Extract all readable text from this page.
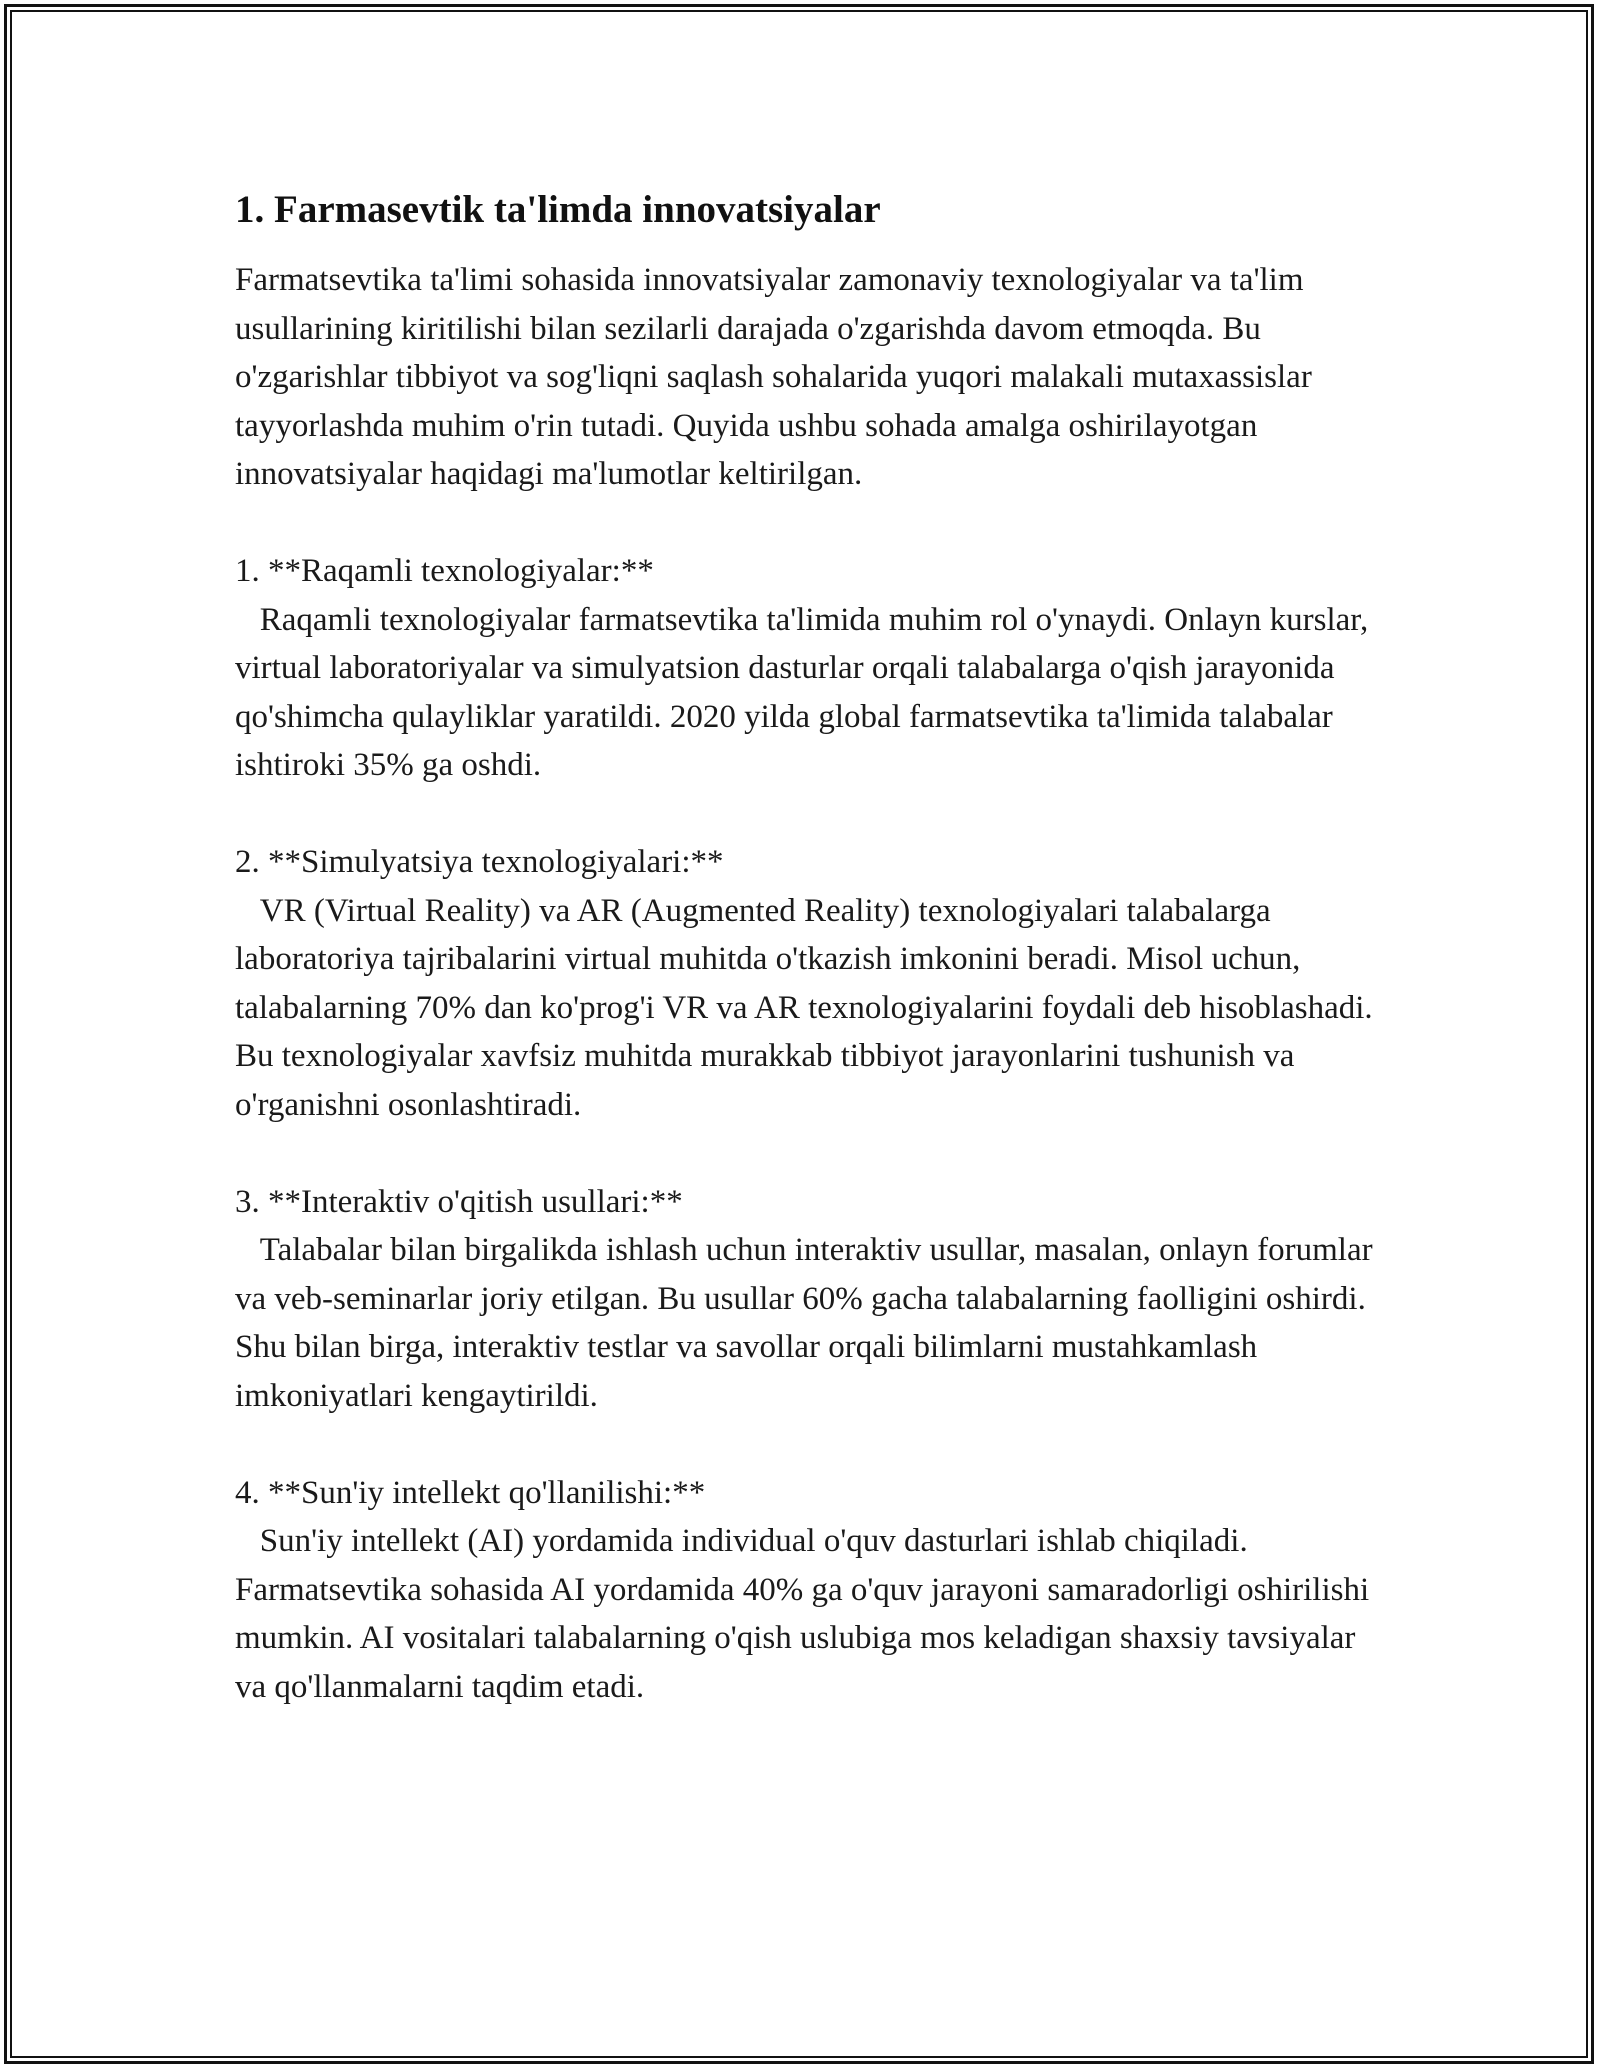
1. Farmasevtik ta'limda innovatsiyalar

Farmatsevtika ta'limi sohasida innovatsiyalar zamonaviy texnologiyalar va ta'lim usullarining kiritilishi bilan sezilarli darajada o'zgarishda davom etmoqda. Bu o'zgarishlar tibbiyot va sog'liqni saqlash sohalarida yuqori malakali mutaxassislar tayyorlashda muhim o'rin tutadi. Quyida ushbu sohada amalga oshirilayotgan innovatsiyalar haqidagi ma'lumotlar keltirilgan.

1. **Raqamli texnologiyalar:**

Raqamli texnologiyalar farmatsevtika ta'limida muhim rol o'ynaydi. Onlayn kurslar, virtual laboratoriyalar va simulyatsion dasturlar orqali talabalarga o'qish jarayonida qo'shimcha qulayliklar yaratildi. 2020 yilda global farmatsevtika ta'limida talabalar ishtiroki 35% ga oshdi.

2. **Simulyatsiya texnologiyalari:**

VR (Virtual Reality) va AR (Augmented Reality) texnologiyalari talabalarga laboratoriya tajribalarini virtual muhitda o'tkazish imkonini beradi. Misol uchun, talabalarning 70% dan ko'prog'i VR va AR texnologiyalarini foydali deb hisoblashadi. Bu texnologiyalar xavfsiz muhitda murakkab tibbiyot jarayonlarini tushunish va o'rganishni osonlashtiradi.

3. **Interaktiv o'qitish usullari:**

Talabalar bilan birgalikda ishlash uchun interaktiv usullar, masalan, onlayn forumlar va veb-seminarlar joriy etilgan. Bu usullar 60% gacha talabalarning faolligini oshirdi. Shu bilan birga, interaktiv testlar va savollar orqali bilimlarni mustahkamlash imkoniyatlari kengaytirildi.

4. **Sun'iy intellekt qo'llanilishi:**

Sun'iy intellekt (AI) yordamida individual o'quv dasturlari ishlab chiqiladi. Farmatsevtika sohasida AI yordamida 40% ga o'quv jarayoni samaradorligi oshirilishi mumkin. AI vositalari talabalarning o'qish uslubiga mos keladigan shaxsiy tavsiyalar va qo'llanmalarni taqdim etadi.
